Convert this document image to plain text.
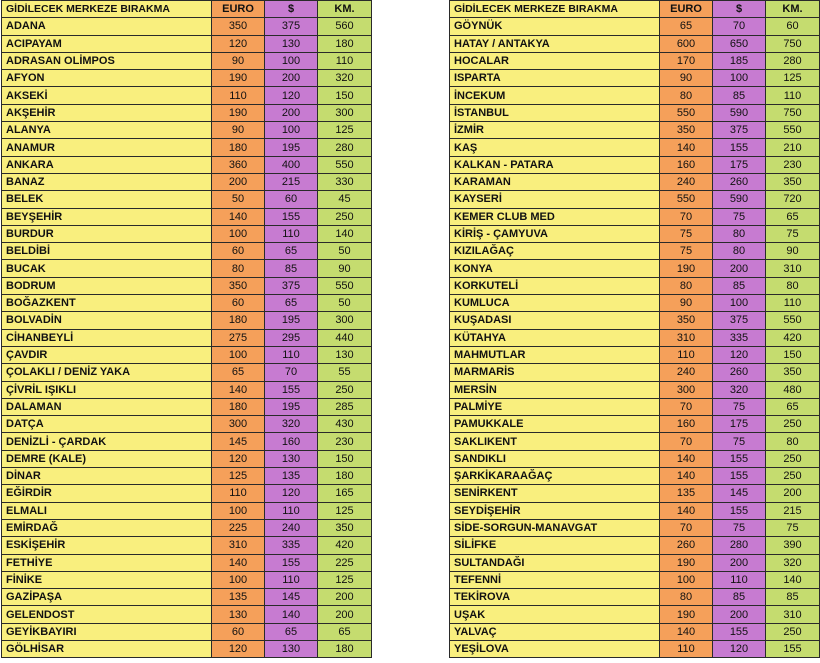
GİDİLECEK MERKEZE BIRAKMA	EURO	$	KM.
ADANA	350	375	560
ACIPAYAM	120	130	180
ADRASAN OLİMPOS	90	100	110
AFYON	190	200	320
AKSEKİ	110	120	150
AKŞEHİR	190	200	300
ALANYA	90	100	125
ANAMUR	180	195	280
ANKARA	360	400	550
BANAZ	200	215	330
BELEK	50	60	45
BEYŞEHİR	140	155	250
BURDUR	100	110	140
BELDİBİ	60	65	50
BUCAK	80	85	90
BODRUM	350	375	550
BOĞAZKENT	60	65	50
BOLVADİN	180	195	300
CİHANBEYLİ	275	295	440
ÇAVDIR	100	110	130
ÇOLAKLI / DENİZ YAKA	65	70	55
ÇİVRİL IŞIKLI	140	155	250
DALAMAN	180	195	285
DATÇA	300	320	430
DENİZLİ - ÇARDAK	145	160	230
DEMRE (KALE)	120	130	150
DİNAR	125	135	180
EĞİRDİR	110	120	165
ELMALI	100	110	125
EMİRDAĞ	225	240	350
ESKİŞEHİR	310	335	420
FETHİYE	140	155	225
FİNİKE	100	110	125
GAZİPAŞA	135	145	200
GELENDOST	130	140	200
GEYİKBAYIRI	60	65	65
GÖLHİSAR	120	130	180
GİDİLECEK MERKEZE BIRAKMA	EURO	$	KM.
GÖYNÜK	65	70	60
HATAY / ANTAKYA	600	650	750
HOCALAR	170	185	280
ISPARTA	90	100	125
İNCEKUM	80	85	110
İSTANBUL	550	590	750
İZMİR	350	375	550
KAŞ	140	155	210
KALKAN - PATARA	160	175	230
KARAMAN	240	260	350
KAYSERİ	550	590	720
KEMER CLUB MED	70	75	65
KİRİŞ - ÇAMYUVA	75	80	75
KIZILAĞAÇ	75	80	90
KONYA	190	200	310
KORKUTELİ	80	85	80
KUMLUCA	90	100	110
KUŞADASI	350	375	550
KÜTAHYA	310	335	420
MAHMUTLAR	110	120	150
MARMARİS	240	260	350
MERSİN	300	320	480
PALMİYE	70	75	65
PAMUKKALE	160	175	250
SAKLIKENT	70	75	80
SANDIKLI	140	155	250
ŞARKİKARAAĞAÇ	140	155	250
SENİRKENT	135	145	200
SEYDİŞEHİR	140	155	215
SİDE-SORGUN-MANAVGAT	70	75	75
SİLİFKE	260	280	390
SULTANDAĞI	190	200	320
TEFENNİ	100	110	140
TEKİROVA	80	85	85
UŞAK	190	200	310
YALVAÇ	140	155	250
YEŞİLOVA	110	120	155
